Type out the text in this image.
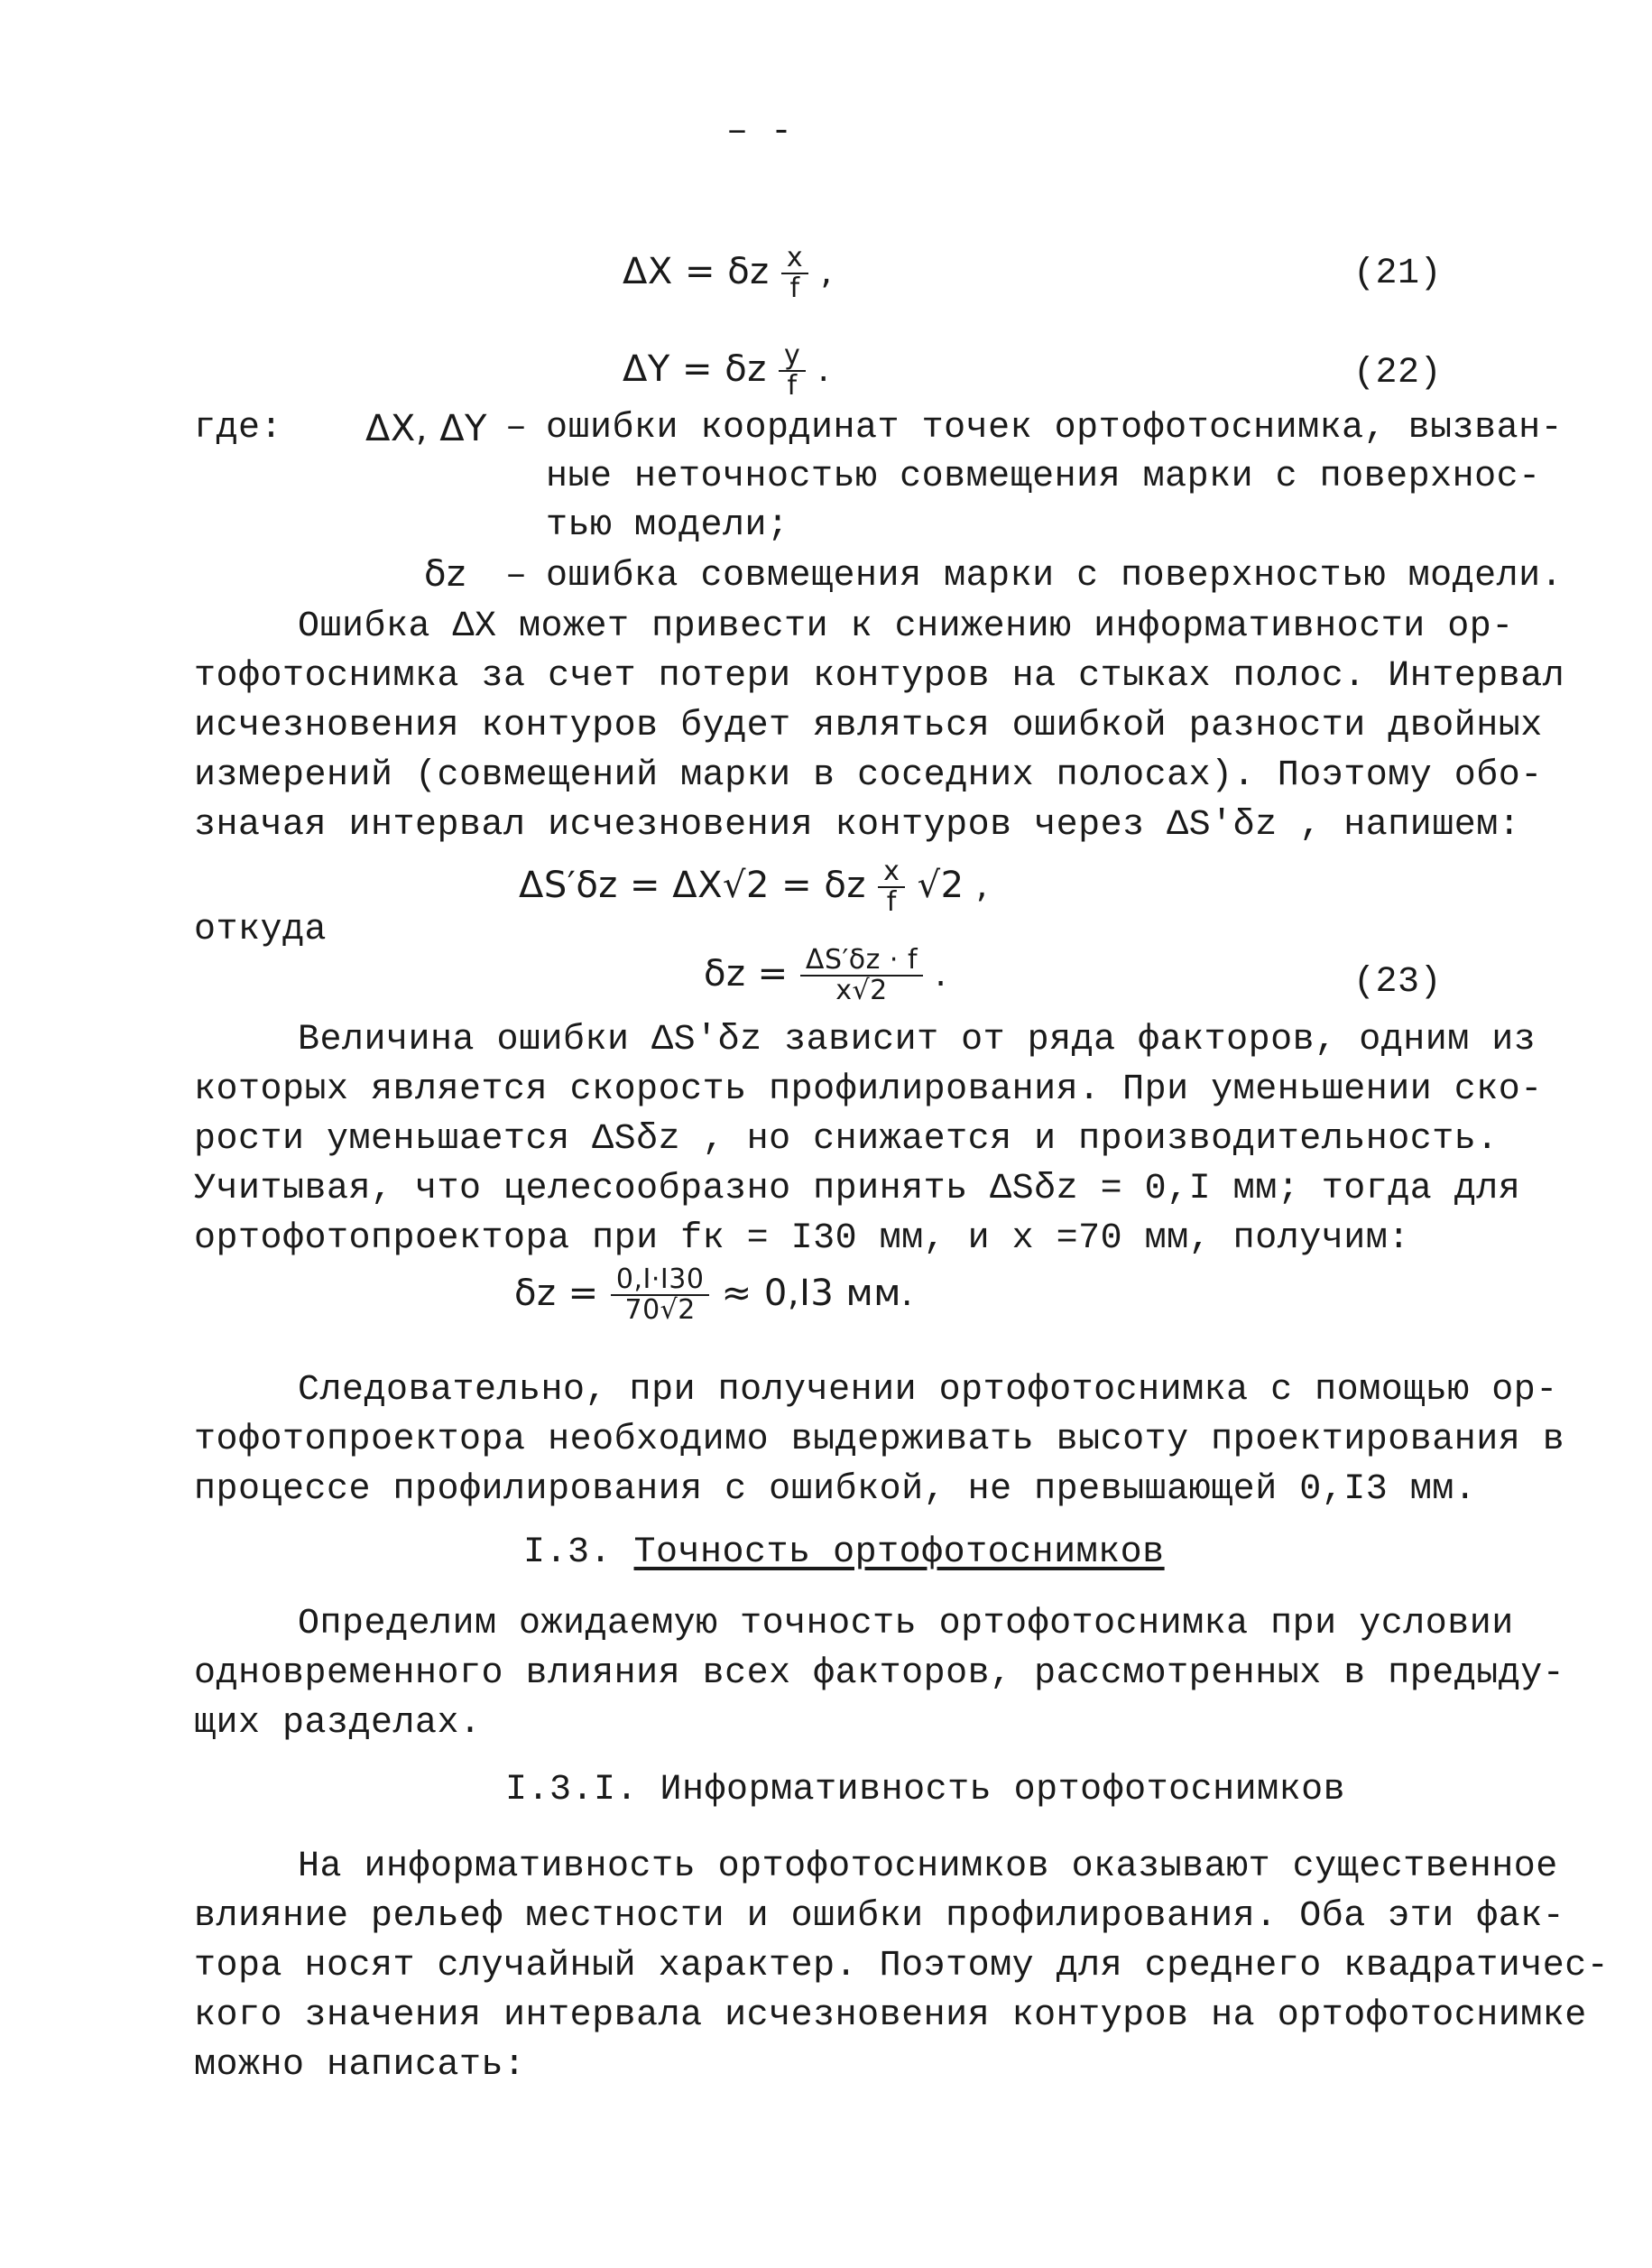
– -
ΔX = δz $\frac{x}{f}$ ,	(21)
ΔY = δz $\frac{y}{f}$ .	(22)
где: ΔX, ΔY – ошибки координат точек ортофотоснимка, вызван-
ные неточностью совмещения марки с поверхнос-
тью модели;
δz – ошибка совмещения марки с поверхностью модели.
Ошибка ΔX может привести к снижению информативности ор-
тофотоснимка за счет потери контуров на стыках полос. Интервал
исчезновения контуров будет являться ошибкой разности двойных
измерений (совмещений марки в соседних полосах). Поэтому обо-
значая интервал исчезновения контуров через ΔS′δz , напишем:
ΔS′δz = ΔX√2 = δz $\frac{x}{f} √2$ ,
откуда
$\delta z = \frac{\Delta S'\delta z \cdot f}{x√2}$ .	(23)
Величина ошибки ΔS′δz зависит от ряда факторов, одним из
которых является скорость профилирования. При уменьшении ско-
рости уменьшается ΔSδz , но снижается и производительность.
Учитывая, что целесообразно принять ΔSδz = 0,I мм; тогда для
ортофотопроектора при fк = I30 мм, и x =70 мм, получим:
$\delta z = \frac{0,I\cdot I30}{70√2} \approx 0,I3$ мм.
Следовательно, при получении ортофотоснимка с помощью ор-
тофотопроектора необходимо выдерживать высоту проектирования в
процессе профилирования с ошибкой, не превышающей 0,I3 мм.
I.3. Точность ортофотоснимков
Определим ожидаемую точность ортофотоснимка при условии
одновременного влияния всех факторов, рассмотренных в предыду-
щих разделах.
I.3.I. Информативность ортофотоснимков
На информативность ортофотоснимков оказывают существенное
влияние рельеф местности и ошибки профилирования. Оба эти фак-
тора носят случайный характер. Поэтому для среднего квадратичес-
кого значения интервала исчезновения контуров на ортофотоснимке
можно написать:
